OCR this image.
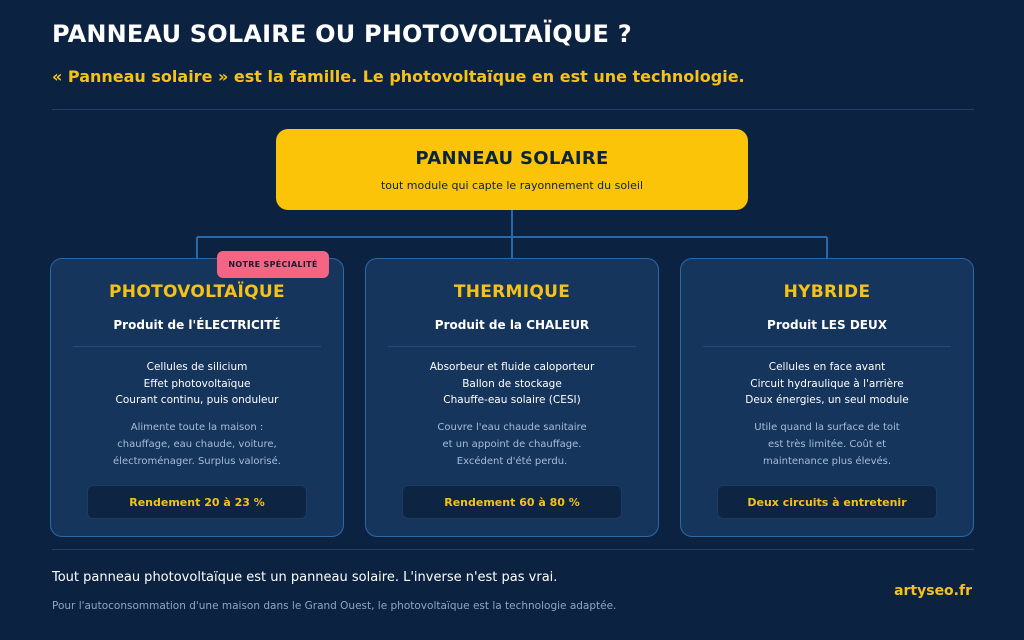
PANNEAU SOLAIRE OU PHOTOVOLTAÏQUE ?
« Panneau solaire » est la famille. Le photovoltaïque en est une technologie.
PANNEAU SOLAIRE
tout module qui capte le rayonnement du soleil
NOTRE SPÉCIALITÉ
PHOTOVOLTAÏQUE
Produit de l'ÉLECTRICITÉ
Cellules de silicium
Effet photovoltaïque
Courant continu, puis onduleur
Alimente toute la maison :
chauffage, eau chaude, voiture,
électroménager. Surplus valorisé.
Rendement 20 à 23 %
THERMIQUE
Produit de la CHALEUR
Absorbeur et fluide caloporteur
Ballon de stockage
Chauffe-eau solaire (CESI)
Couvre l'eau chaude sanitaire
et un appoint de chauffage.
Excédent d'été perdu.
Rendement 60 à 80 %
HYBRIDE
Produit LES DEUX
Cellules en face avant
Circuit hydraulique à l'arrière
Deux énergies, un seul module
Utile quand la surface de toit
est très limitée. Coût et
maintenance plus élevés.
Deux circuits à entretenir
Tout panneau photovoltaïque est un panneau solaire. L'inverse n'est pas vrai.
Pour l'autoconsommation d'une maison dans le Grand Ouest, le photovoltaïque est la technologie adaptée.
artyseo.fr
